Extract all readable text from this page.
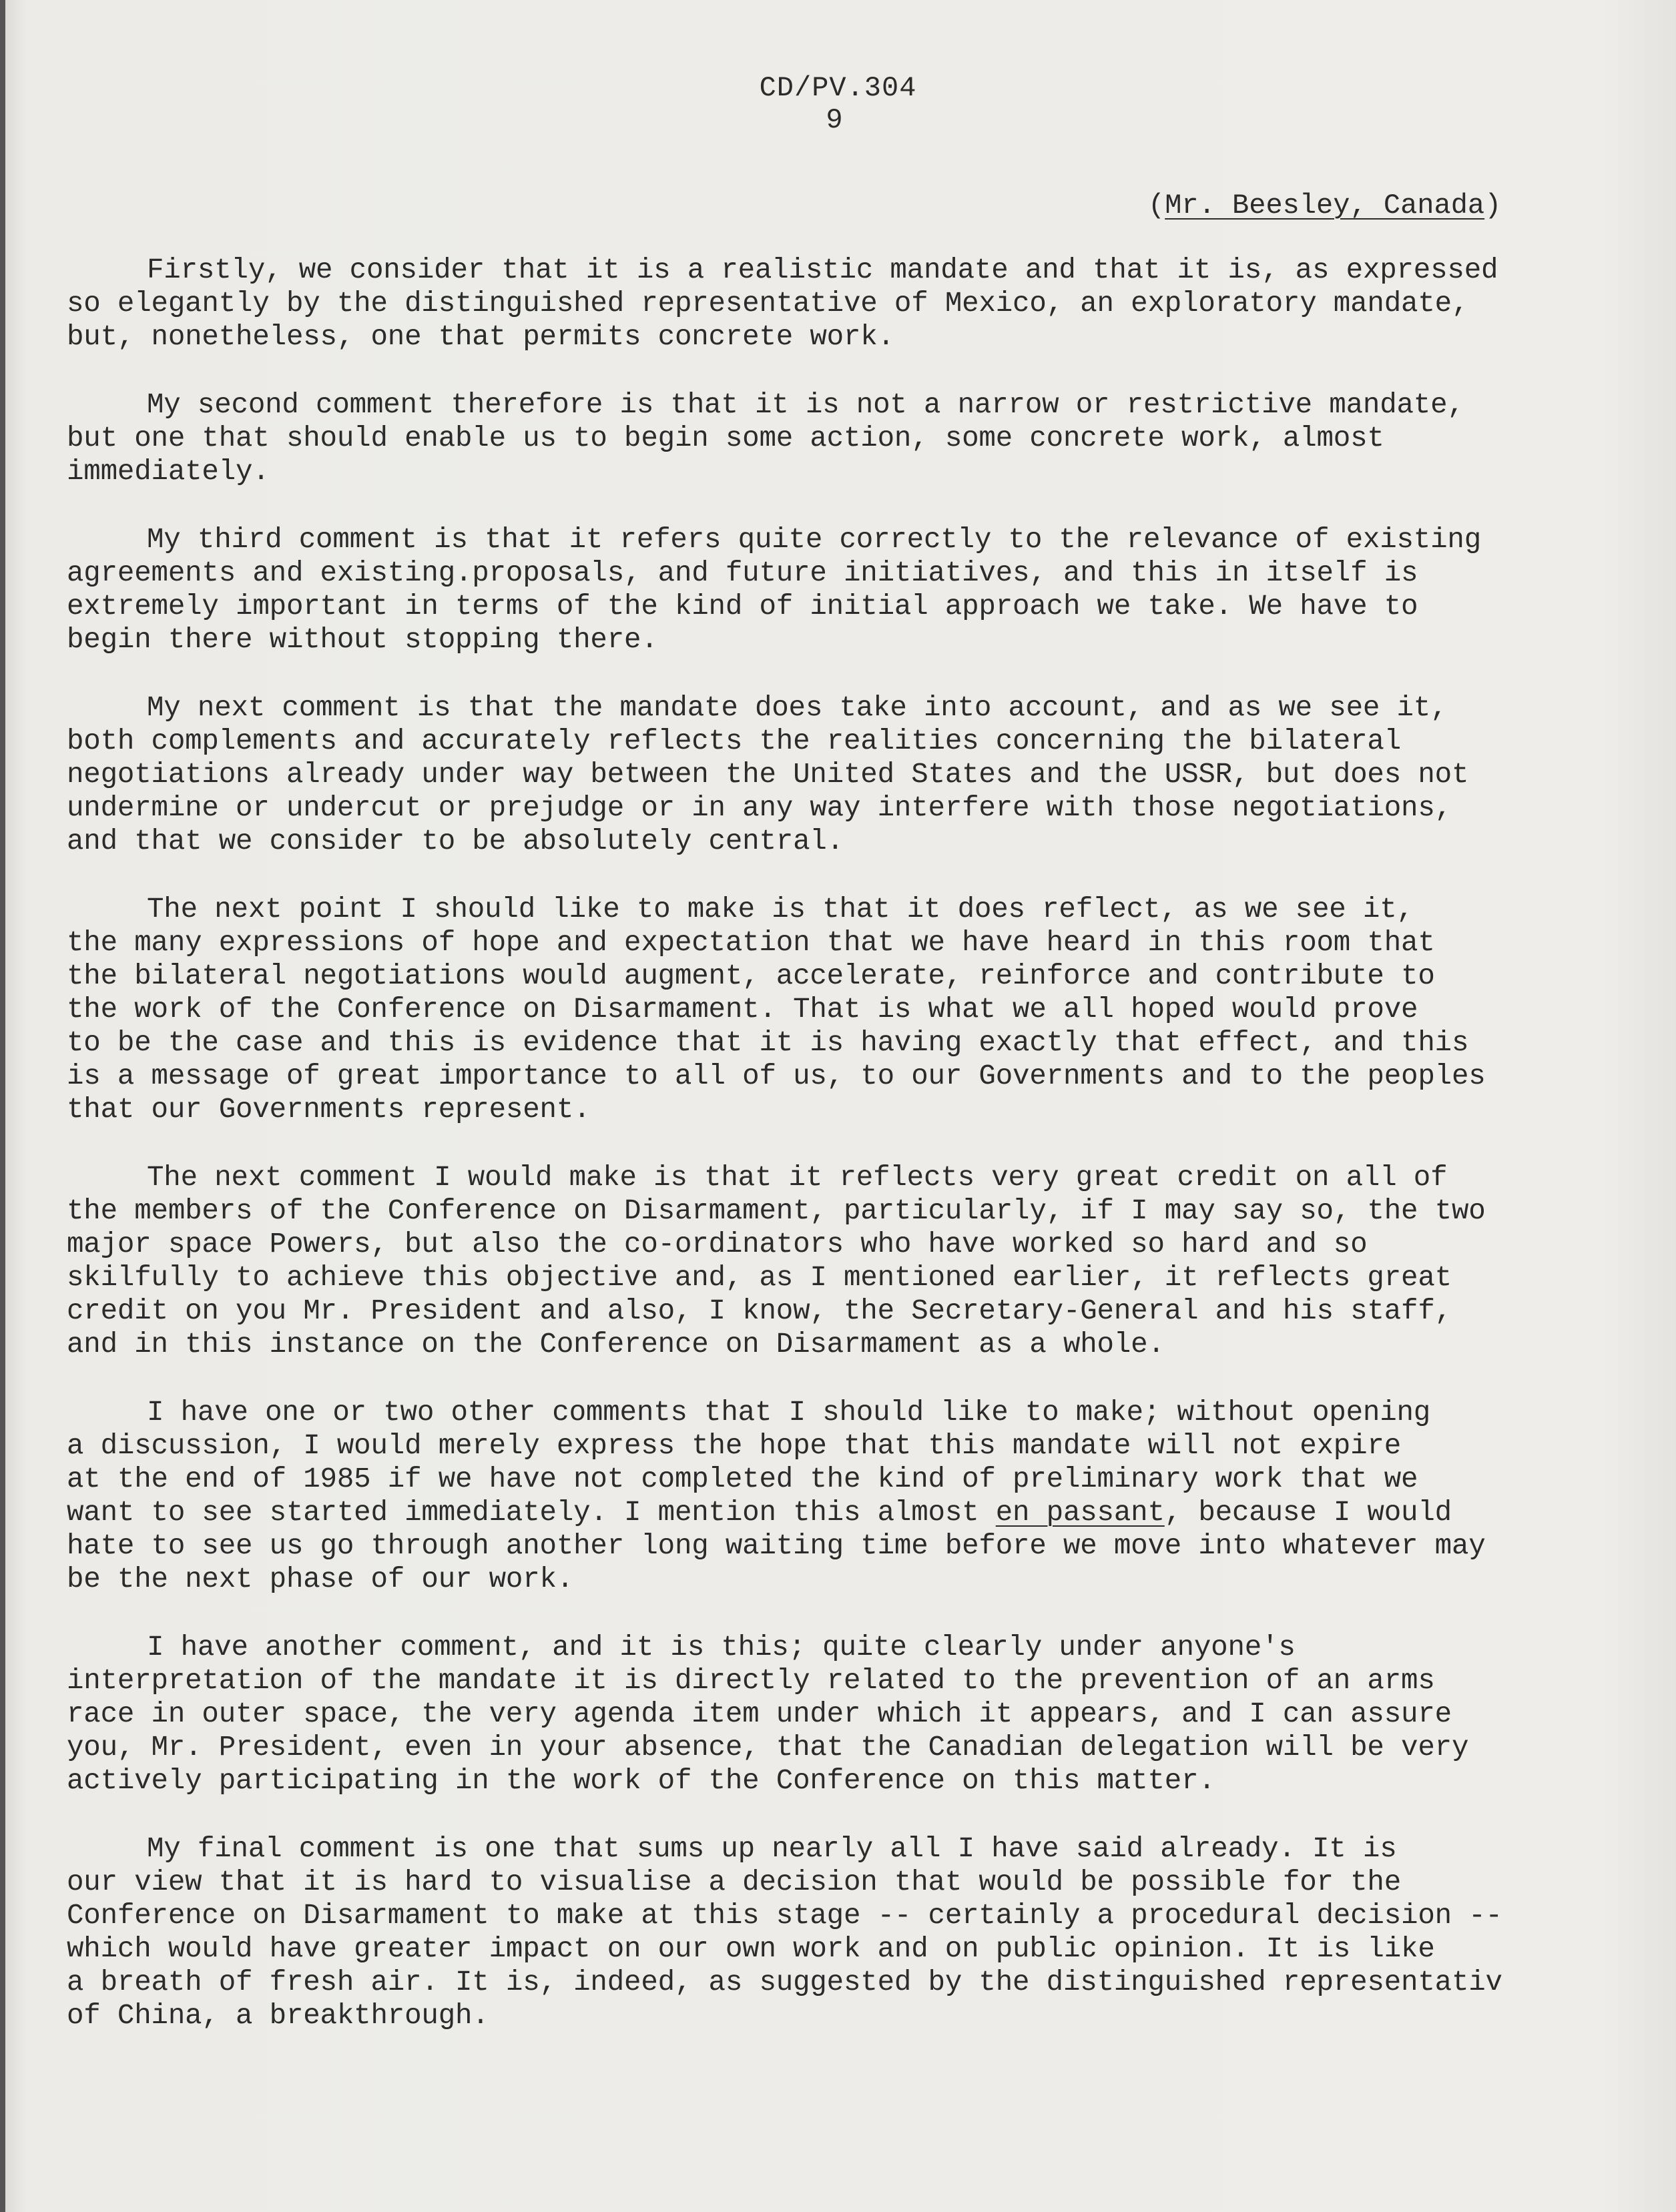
CD/PV.304
9
(Mr. Beesley, Canada)

Firstly, we consider that it is a realistic mandate and that it is, as expressed
so elegantly by the distinguished representative of Mexico, an exploratory mandate,
but, nonetheless, one that permits concrete work.

My second comment therefore is that it is not a narrow or restrictive mandate,
but one that should enable us to begin some action, some concrete work, almost
immediately.

My third comment is that it refers quite correctly to the relevance of existing
agreements and existing.proposals, and future initiatives, and this in itself is
extremely important in terms of the kind of initial approach we take. We have to
begin there without stopping there.

My next comment is that the mandate does take into account, and as we see it,
both complements and accurately reflects the realities concerning the bilateral
negotiations already under way between the United States and the USSR, but does not
undermine or undercut or prejudge or in any way interfere with those negotiations,
and that we consider to be absolutely central.

The next point I should like to make is that it does reflect, as we see it,
the many expressions of hope and expectation that we have heard in this room that
the bilateral negotiations would augment, accelerate, reinforce and contribute to
the work of the Conference on Disarmament. That is what we all hoped would prove
to be the case and this is evidence that it is having exactly that effect, and this
is a message of great importance to all of us, to our Governments and to the peoples
that our Governments represent.

The next comment I would make is that it reflects very great credit on all of
the members of the Conference on Disarmament, particularly, if I may say so, the two
major space Powers, but also the co-ordinators who have worked so hard and so
skilfully to achieve this objective and, as I mentioned earlier, it reflects great
credit on you Mr. President and also, I know, the Secretary-General and his staff,
and in this instance on the Conference on Disarmament as a whole.

I have one or two other comments that I should like to make; without opening
a discussion, I would merely express the hope that this mandate will not expire
at the end of 1985 if we have not completed the kind of preliminary work that we
want to see started immediately. I mention this almost en passant, because I would
hate to see us go through another long waiting time before we move into whatever may
be the next phase of our work.

I have another comment, and it is this; quite clearly under anyone's
interpretation of the mandate it is directly related to the prevention of an arms
race in outer space, the very agenda item under which it appears, and I can assure
you, Mr. President, even in your absence, that the Canadian delegation will be very
actively participating in the work of the Conference on this matter.

My final comment is one that sums up nearly all I have said already. It is
our view that it is hard to visualise a decision that would be possible for the
Conference on Disarmament to make at this stage -- certainly a procedural decision --
which would have greater impact on our own work and on public opinion. It is like
a breath of fresh air. It is, indeed, as suggested by the distinguished representativ
of China, a breakthrough.
